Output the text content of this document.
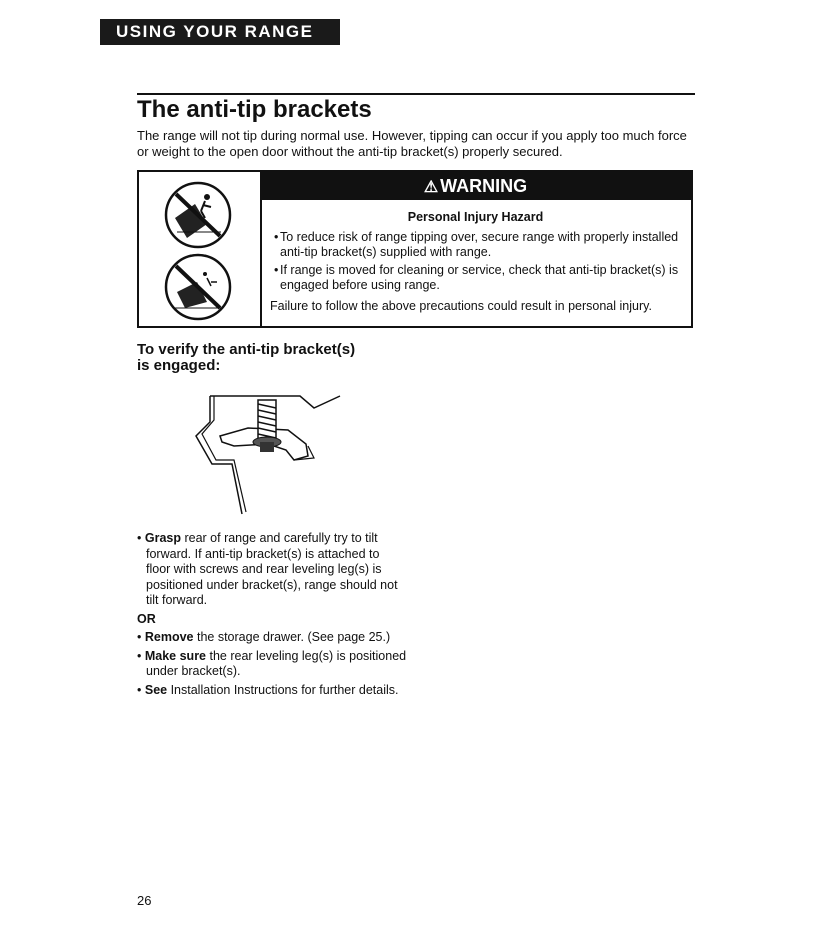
USING YOUR RANGE
The anti-tip brackets

The range will not tip during normal use. However, tipping can occur if you apply too much force or weight to the open door without the anti-tip bracket(s) properly secured.

⚠ WARNING
Personal Injury Hazard
• To reduce risk of range tipping over, secure range with properly installed anti-tip bracket(s) supplied with range.
• If range is moved for cleaning or service, check that anti-tip bracket(s) is engaged before using range.
Failure to follow the above precautions could result in personal injury.
To verify the anti-tip bracket(s)
is engaged:
• Grasp rear of range and carefully try to tilt forward. If anti-tip bracket(s) is attached to floor with screws and rear leveling leg(s) is positioned under bracket(s), range should not tilt forward.
OR
• Remove the storage drawer. (See page 25.)
• Make sure the rear leveling leg(s) is positioned under bracket(s).
• See Installation Instructions for further details.
26
